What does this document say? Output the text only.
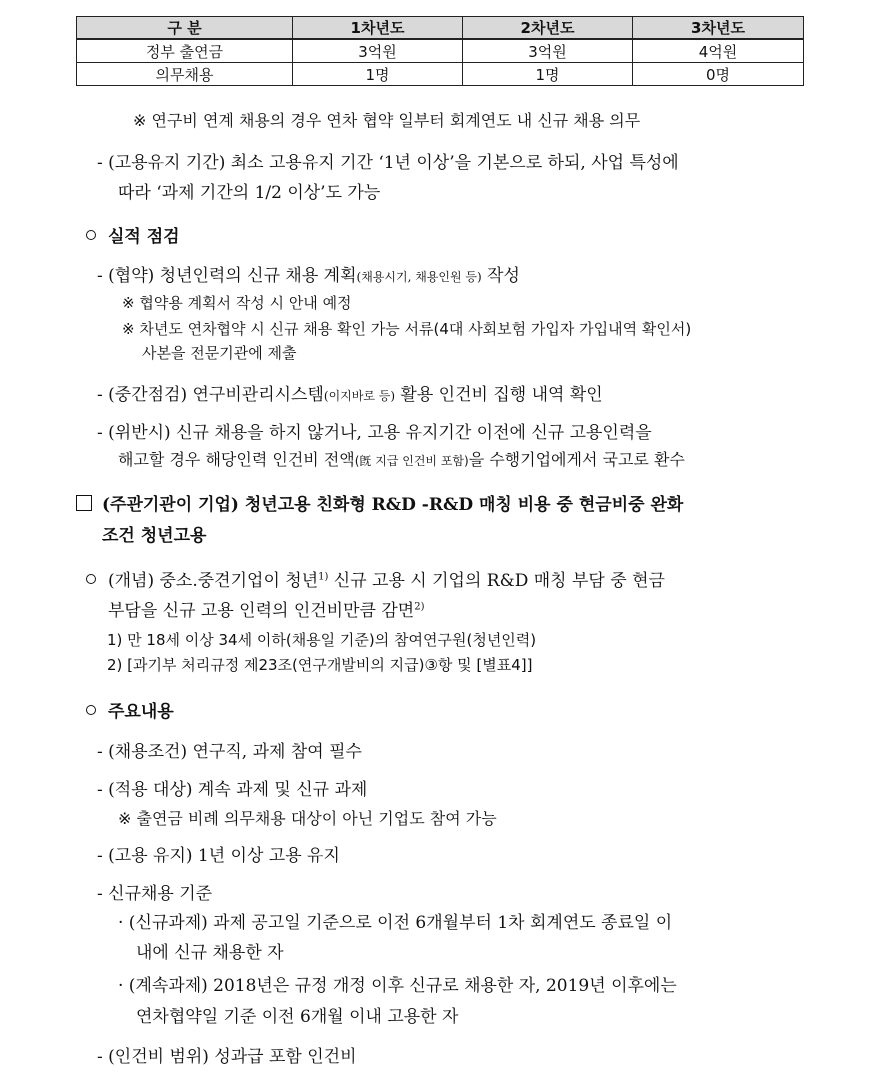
구 분	1차년도	2차년도	3차년도
정부 출연금	3억원	3억원	4억원
의무채용	1명	1명	0명
※ 연구비 연계 채용의 경우 연차 협약 일부터 회계연도 내 신규 채용 의무
- (고용유지 기간) 최소 고용유지 기간 ‘1년 이상’을 기본으로 하되, 사업 특성에
따라 ‘과제 기간의 1/2 이상’도 가능
실적 점검
- (협약) 청년인력의 신규 채용 계획(채용시기, 채용인원 등) 작성
※ 협약용 계획서 작성 시 안내 예정
※ 차년도 연차협약 시 신규 채용 확인 가능 서류(4대 사회보험 가입자 가입내역 확인서)
사본을 전문기관에 제출
- (중간점검) 연구비관리시스템(이지바로 등) 활용 인건비 집행 내역 확인
- (위반시) 신규 채용을 하지 않거나, 고용 유지기간 이전에 신규 고용인력을
해고할 경우 해당인력 인건비 전액(旣 지급 인건비 포함)을 수행기업에게서 국고로 환수
(주관기관이 기업) 청년고용 친화형 R&D -R&D 매칭 비용 중 현금비중 완화
조건 청년고용
(개념) 중소.중견기업이 청년$^{1)}$ 신규 고용 시 기업의 R&D 매칭 부담 중 현금
부담을 신규 고용 인력의 인건비만큼 감면$^{2)}$
1) 만 18세 이상 34세 이하(채용일 기준)의 참여연구원(청년인력)
2) [과기부 처리규정 제23조(연구개발비의 지급)③항 및 [별표4]]
주요내용
- (채용조건) 연구직, 과제 참여 필수
- (적용 대상) 계속 과제 및 신규 과제
※ 출연금 비례 의무채용 대상이 아닌 기업도 참여 가능
- (고용 유지) 1년 이상 고용 유지
- 신규채용 기준
· (신규과제) 과제 공고일 기준으로 이전 6개월부터 1차 회계연도 종료일 이
내에 신규 채용한 자
· (계속과제) 2018년은 규정 개정 이후 신규로 채용한 자, 2019년 이후에는
연차협약일 기준 이전 6개월 이내 고용한 자
- (인건비 범위) 성과급 포함 인건비
